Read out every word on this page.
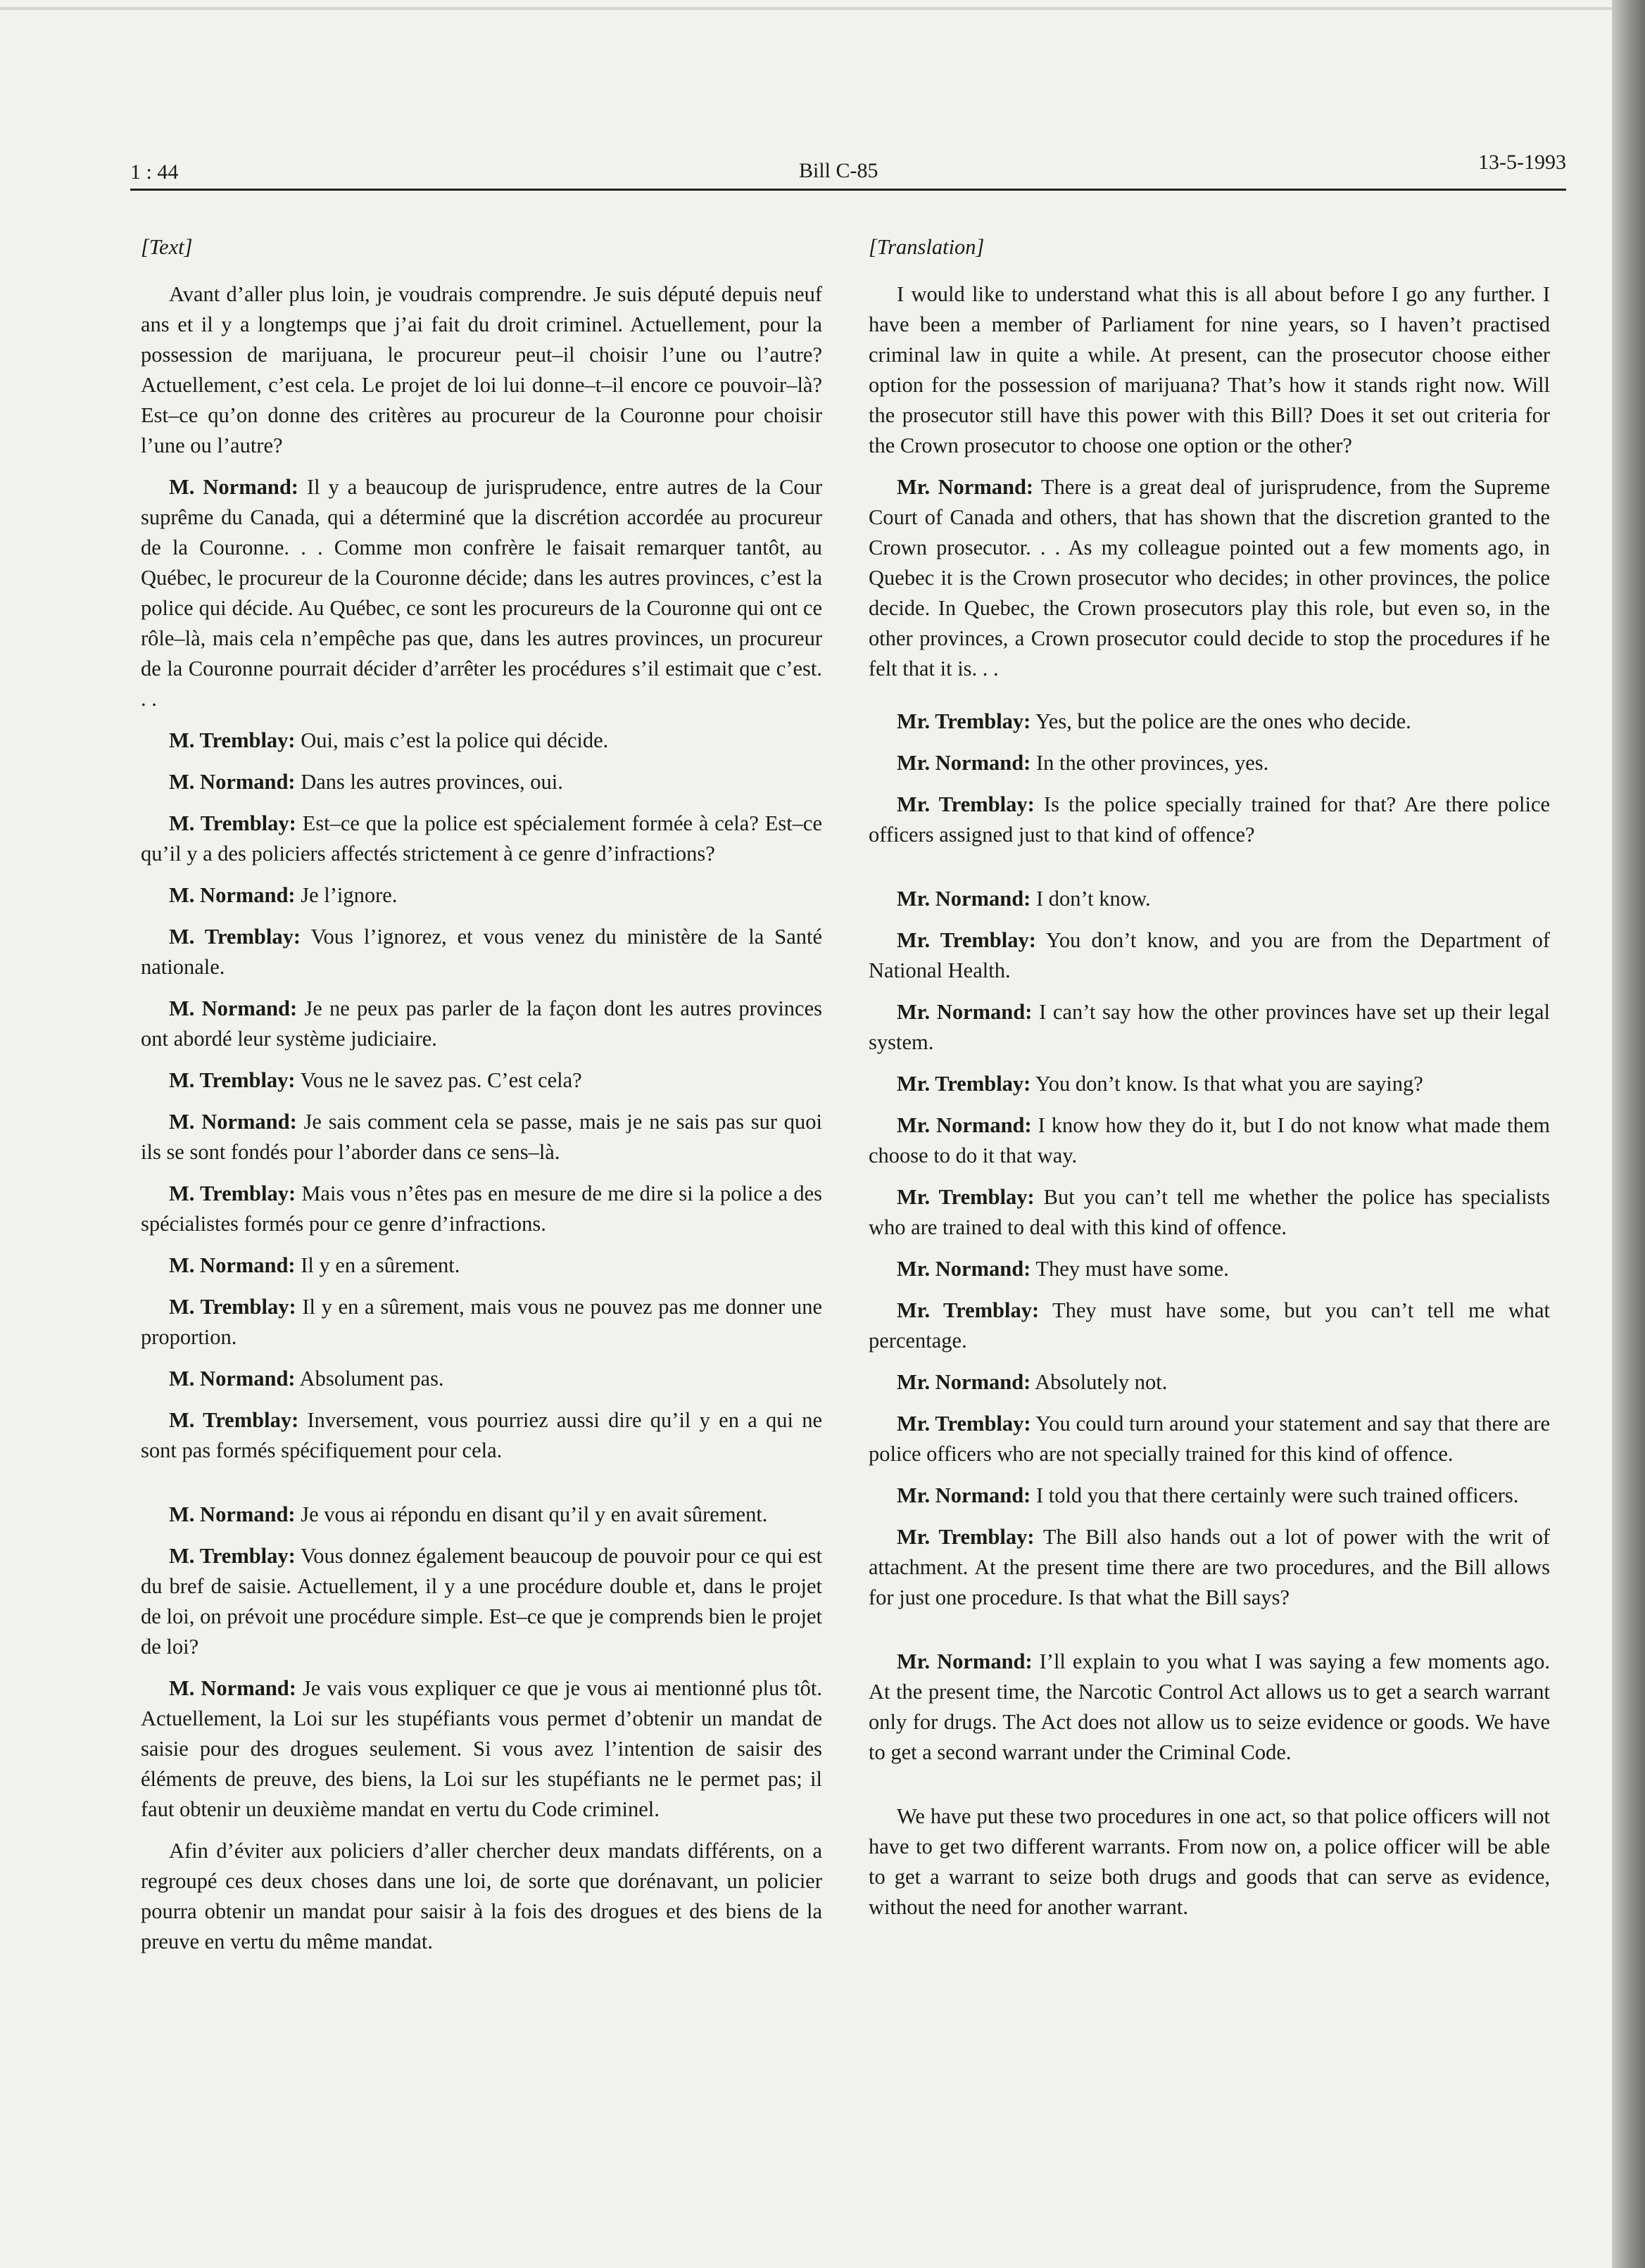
1 : 44	Bill C-85	13-5-1993
[Text]

Avant d’aller plus loin, je voudrais comprendre. Je suis député depuis neuf ans et il y a longtemps que j’ai fait du droit criminel. Actuellement, pour la possession de marijuana, le procureur peut–il choisir l’une ou l’autre? Actuellement, c’est cela. Le projet de loi lui donne–t–il encore ce pouvoir–là? Est–ce qu’on donne des critères au procureur de la Couronne pour choisir l’une ou l’autre?

M. Normand: Il y a beaucoup de jurisprudence, entre autres de la Cour suprême du Canada, qui a déterminé que la discrétion accordée au procureur de la Couronne. . . Comme mon confrère le faisait remarquer tantôt, au Québec, le procureur de la Couronne décide; dans les autres provinces, c’est la police qui décide. Au Québec, ce sont les procureurs de la Couronne qui ont ce rôle–là, mais cela n’empêche pas que, dans les autres provinces, un procureur de la Couronne pourrait décider d’arrêter les procédures s’il estimait que c’est. . .

M. Tremblay: Oui, mais c’est la police qui décide.

M. Normand: Dans les autres provinces, oui.

M. Tremblay: Est–ce que la police est spécialement formée à cela? Est–ce qu’il y a des policiers affectés strictement à ce genre d’infractions?

M. Normand: Je l’ignore.

M. Tremblay: Vous l’ignorez, et vous venez du ministère de la Santé nationale.

M. Normand: Je ne peux pas parler de la façon dont les autres provinces ont abordé leur système judiciaire.

M. Tremblay: Vous ne le savez pas. C’est cela?

M. Normand: Je sais comment cela se passe, mais je ne sais pas sur quoi ils se sont fondés pour l’aborder dans ce sens–là.

M. Tremblay: Mais vous n’êtes pas en mesure de me dire si la police a des spécialistes formés pour ce genre d’infractions.

M. Normand: Il y en a sûrement.

M. Tremblay: Il y en a sûrement, mais vous ne pouvez pas me donner une proportion.

M. Normand: Absolument pas.

M. Tremblay: Inversement, vous pourriez aussi dire qu’il y en a qui ne sont pas formés spécifiquement pour cela.

M. Normand: Je vous ai répondu en disant qu’il y en avait sûrement.

M. Tremblay: Vous donnez également beaucoup de pouvoir pour ce qui est du bref de saisie. Actuellement, il y a une procédure double et, dans le projet de loi, on prévoit une procédure simple. Est–ce que je comprends bien le projet de loi?

M. Normand: Je vais vous expliquer ce que je vous ai mentionné plus tôt. Actuellement, la Loi sur les stupéfiants vous permet d’obtenir un mandat de saisie pour des drogues seulement. Si vous avez l’intention de saisir des éléments de preuve, des biens, la Loi sur les stupéfiants ne le permet pas; il faut obtenir un deuxième mandat en vertu du Code criminel.

Afin d’éviter aux policiers d’aller chercher deux mandats différents, on a regroupé ces deux choses dans une loi, de sorte que dorénavant, un policier pourra obtenir un mandat pour saisir à la fois des drogues et des biens de la preuve en vertu du même mandat.

[Translation]

I would like to understand what this is all about before I go any further. I have been a member of Parliament for nine years, so I haven’t practised criminal law in quite a while. At present, can the prosecutor choose either option for the possession of marijuana? That’s how it stands right now. Will the prosecutor still have this power with this Bill? Does it set out criteria for the Crown prosecutor to choose one option or the other?

Mr. Normand: There is a great deal of jurisprudence, from the Supreme Court of Canada and others, that has shown that the discretion granted to the Crown prosecutor. . . As my colleague pointed out a few moments ago, in Quebec it is the Crown prosecutor who decides; in other provinces, the police decide. In Quebec, the Crown prosecutors play this role, but even so, in the other provinces, a Crown prosecutor could decide to stop the procedures if he felt that it is. . .

Mr. Tremblay: Yes, but the police are the ones who decide.

Mr. Normand: In the other provinces, yes.

Mr. Tremblay: Is the police specially trained for that? Are there police officers assigned just to that kind of offence?

Mr. Normand: I don’t know.

Mr. Tremblay: You don’t know, and you are from the Department of National Health.

Mr. Normand: I can’t say how the other provinces have set up their legal system.

Mr. Tremblay: You don’t know. Is that what you are saying?

Mr. Normand: I know how they do it, but I do not know what made them choose to do it that way.

Mr. Tremblay: But you can’t tell me whether the police has specialists who are trained to deal with this kind of offence.

Mr. Normand: They must have some.

Mr. Tremblay: They must have some, but you can’t tell me what percentage.

Mr. Normand: Absolutely not.

Mr. Tremblay: You could turn around your statement and say that there are police officers who are not specially trained for this kind of offence.

Mr. Normand: I told you that there certainly were such trained officers.

Mr. Tremblay: The Bill also hands out a lot of power with the writ of attachment. At the present time there are two procedures, and the Bill allows for just one procedure. Is that what the Bill says?

Mr. Normand: I’ll explain to you what I was saying a few moments ago. At the present time, the Narcotic Control Act allows us to get a search warrant only for drugs. The Act does not allow us to seize evidence or goods. We have to get a second warrant under the Criminal Code.

We have put these two procedures in one act, so that police officers will not have to get two different warrants. From now on, a police officer will be able to get a warrant to seize both drugs and goods that can serve as evidence, without the need for another warrant.
